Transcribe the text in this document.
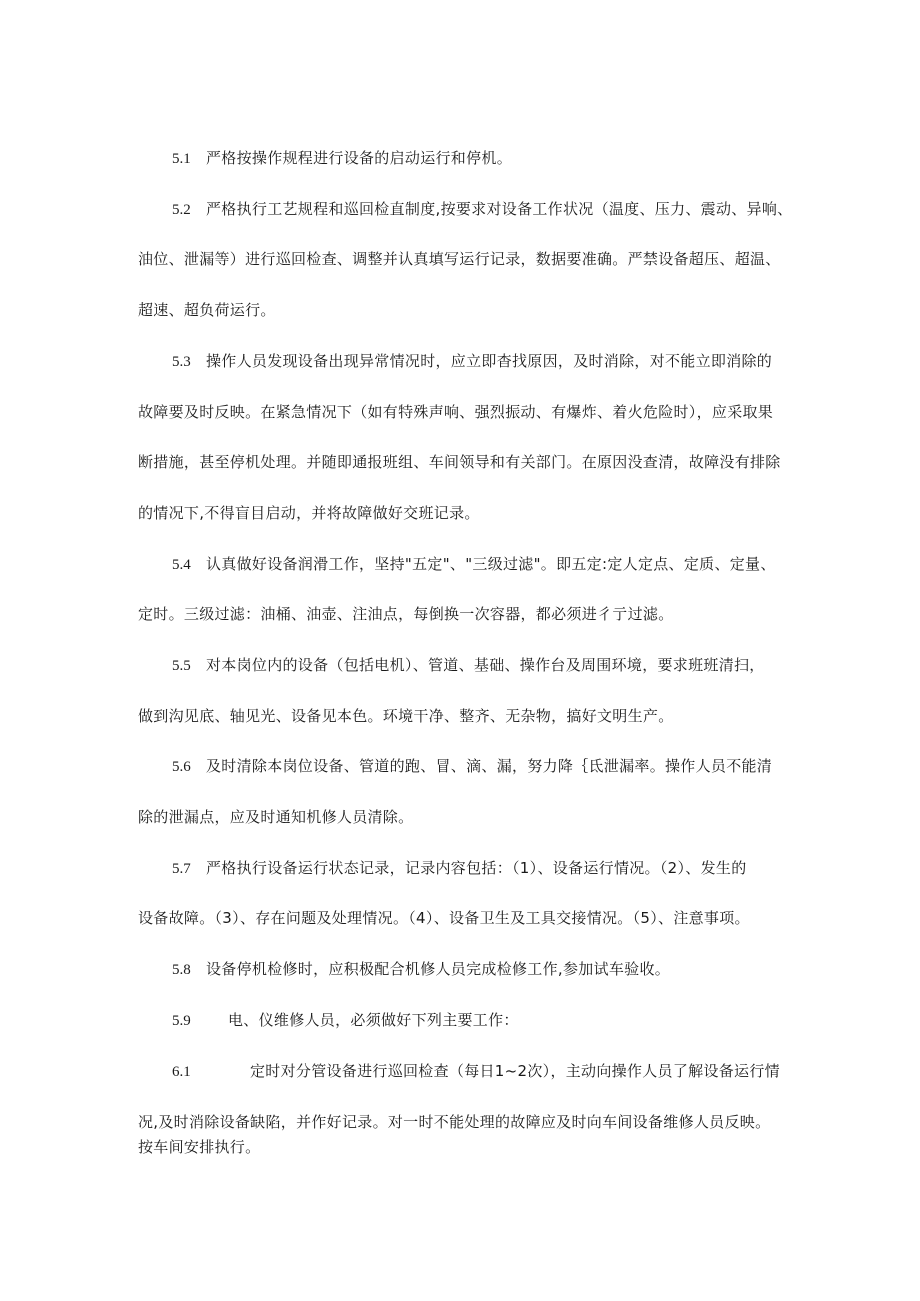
5.1 严格按操作规程进行设备的启动运行和停机。
5.2 严格执行工艺规程和巡回检直制度,按要求对设备工作状况（温度、压力、震动、异响、
油位、泄漏等）进行巡回检查、调整并认真填写运行记录，数据要准确。严禁设备超压、超温、
超速、超负荷运行。
5.3 操作人员发现设备出现异常情况时，应立即杳找原因，及时消除，对不能立即消除的
故障要及时反映。在紧急情况下（如有特殊声响、强烈振动、有爆炸、着火危险时），应采取果
断措施，甚至停机处理。并随即通报班组、车间领导和有关部门。在原因没查清，故障没有排除
的情况下,不得盲目启动，并将故障做好交班记录。
5.4 认真做好设备润滑工作，坚持"五定"、"三级过滤"。即五定:定人定点、定质、定量、
定时。三级过滤：油桶、油壶、注油点，每倒换一次容器，都必须进彳亍过滤。
5.5 对本岗位内的设备（包括电机）、管道、基础、操作台及周围环境，要求班班清扫，
做到沟见底、轴见光、设备见本色。环境干净、整齐、无杂物，搞好文明生产。
5.6 及时清除本岗位设备、管道的跑、冒、滴、漏，努力降｛氐泄漏率。操作人员不能清
除的泄漏点，应及时通知机修人员清除。
5.7 严格执行设备运行状态记录，记录内容包括：（1）、设备运行情况。（2）、发生的
设备故障。（3）、存在问题及处理情况。（4）、设备卫生及工具交接情况。（5）、注意事项。
5.8 设备停机检修时，应积极配合机修人员完成检修工作,参加试车验收。
5.9 电、仪维修人员，必须做好下列主要工作：
6.1	定时对分管设备进行巡回检查（每日1~2次），主动向操作人员了解设备运行情
况,及时消除设备缺陷，并作好记录。对一时不能处理的故障应及时向车间设备维修人员反映。
按车间安排执行。
